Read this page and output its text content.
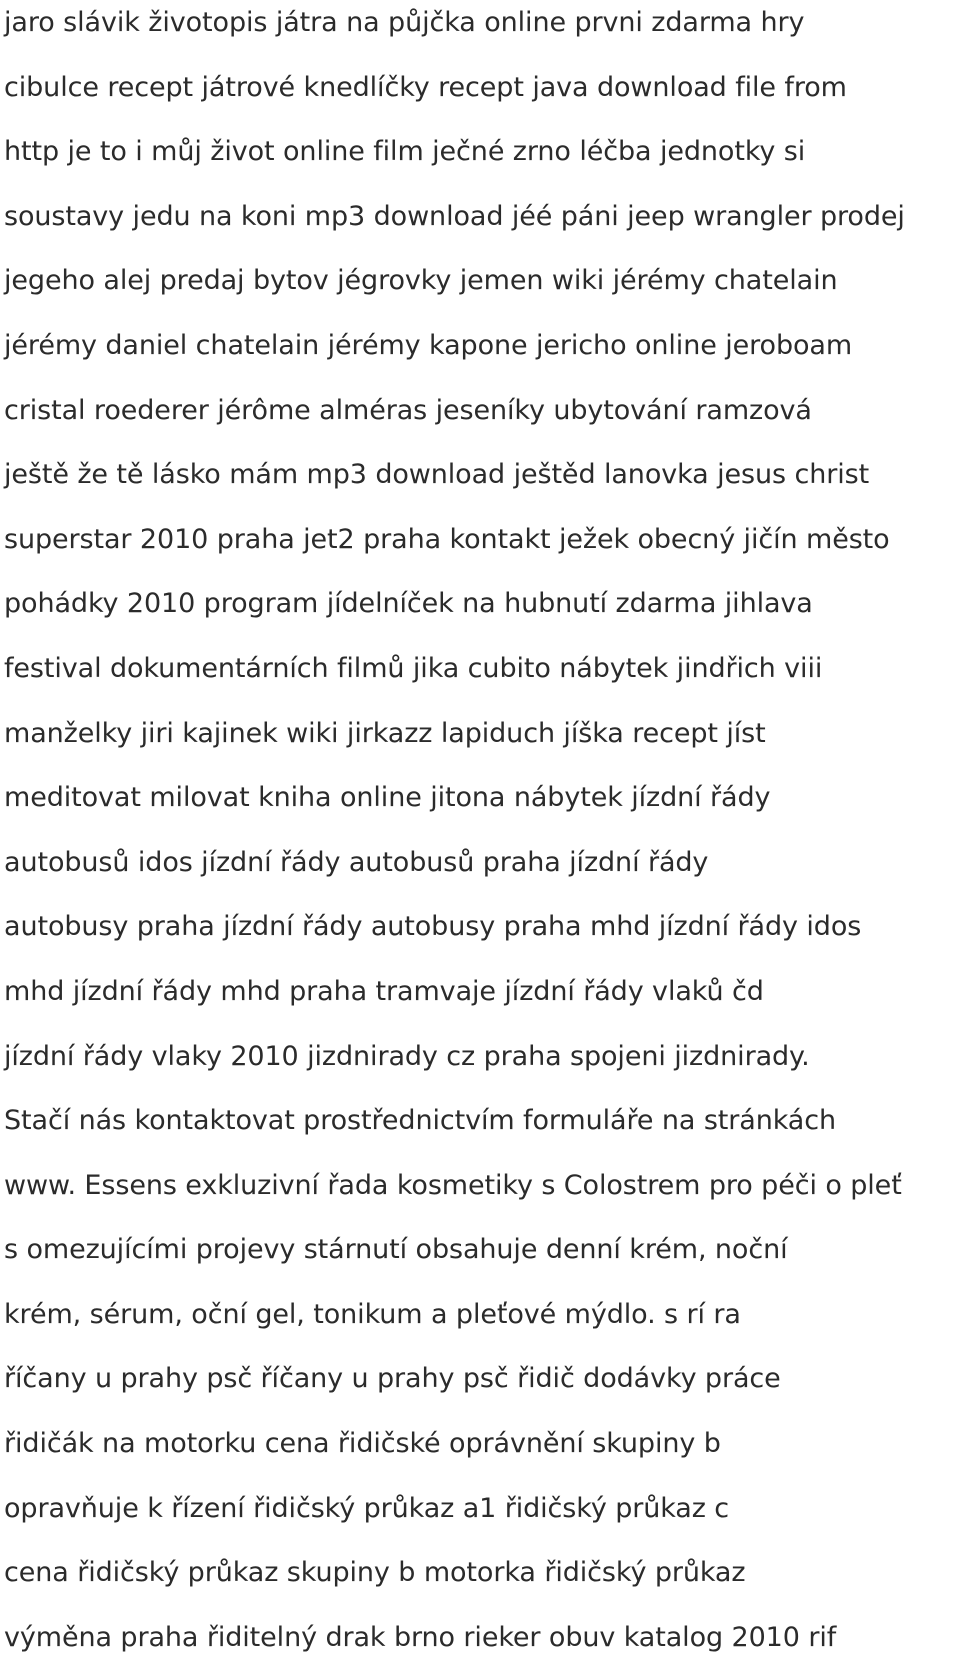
jaro slávik životopis játra na půjčka online prvni zdarma hry
cibulce recept játrové knedlíčky recept java download file from
http je to i můj život online film ječné zrno léčba jednotky si
soustavy jedu na koni mp3 download jéé páni jeep wrangler prodej
jegeho alej predaj bytov jégrovky jemen wiki jérémy chatelain
jérémy daniel chatelain jérémy kapone jericho online jeroboam
cristal roederer jérôme alméras jeseníky ubytování ramzová
ještě že tě lásko mám mp3 download ještěd lanovka jesus christ
superstar 2010 praha jet2 praha kontakt ježek obecný jičín město
pohádky 2010 program jídelníček na hubnutí zdarma jihlava
festival dokumentárních filmů jika cubito nábytek jindřich viii
manželky jiri kajinek wiki jirkazz lapiduch jíška recept jíst
meditovat milovat kniha online jitona nábytek jízdní řády
autobusů idos jízdní řády autobusů praha jízdní řády
autobusy praha jízdní řády autobusy praha mhd jízdní řády idos
mhd jízdní řády mhd praha tramvaje jízdní řády vlaků čd
jízdní řády vlaky 2010 jizdnirady cz praha spojeni jizdnirady.
Stačí nás kontaktovat prostřednictvím formuláře na stránkách
www. Essens exkluzivní řada kosmetiky s Colostrem pro péči o pleť
s omezujícími projevy stárnutí obsahuje denní krém, noční
krém, sérum, oční gel, tonikum a pleťové mýdlo. s rí ra
říčany u prahy psč říčany u prahy psč řidič dodávky práce
řidičák na motorku cena řidičské oprávnění skupiny b
opravňuje k řízení řidičský průkaz a1 řidičský průkaz c
cena řidičský průkaz skupiny b motorka řidičský průkaz
výměna praha řiditelný drak brno rieker obuv katalog 2010 rif
